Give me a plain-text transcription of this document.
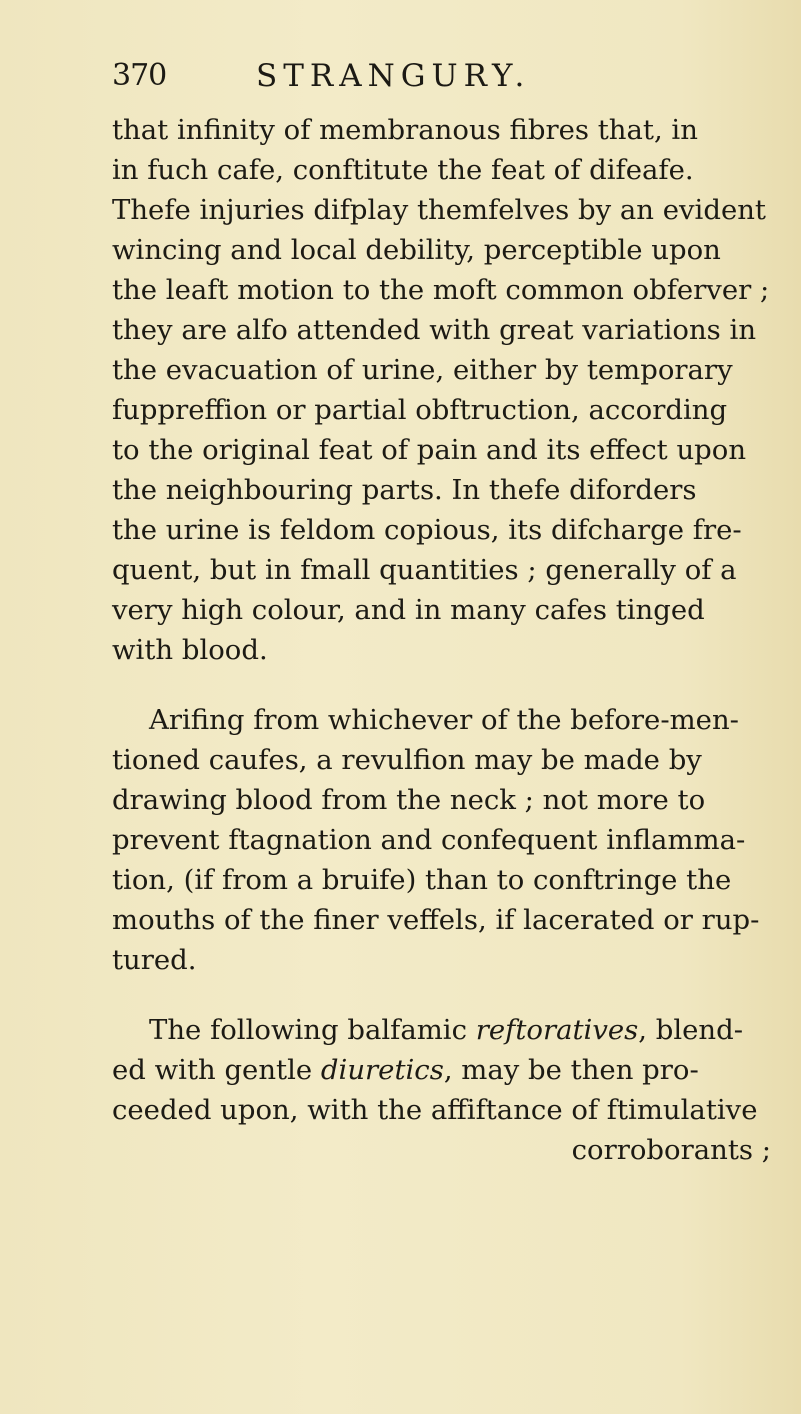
370	STRANGURY.
that infinity of membranous fibres that, in
in fuch cafe, conftitute the feat of difeafe.
Thefe injuries difplay themfelves by an evident
wincing and local debility, perceptible upon
the leaft motion to the moft common obferver ;
they are alfo attended with great variations in
the evacuation of urine, either by temporary
fuppreffion or partial obftruction, according
to the original feat of pain and its effect upon
the neighbouring parts. In thefe diforders
the urine is feldom copious, its difcharge fre-
quent, but in fmall quantities ; generally of a
very high colour, and in many cafes tinged
with blood.
Arifing from whichever of the before-men-
tioned caufes, a revulfion may be made by
drawing blood from the neck ; not more to
prevent ftagnation and confequent inflamma-
tion, (if from a bruife) than to conftringe the
mouths of the finer veffels, if lacerated or rup-
tured.
The following balfamic reftoratives, blend-
ed with gentle diuretics, may be then pro-
ceeded upon, with the affiftance of ftimulative
corroborants ;
